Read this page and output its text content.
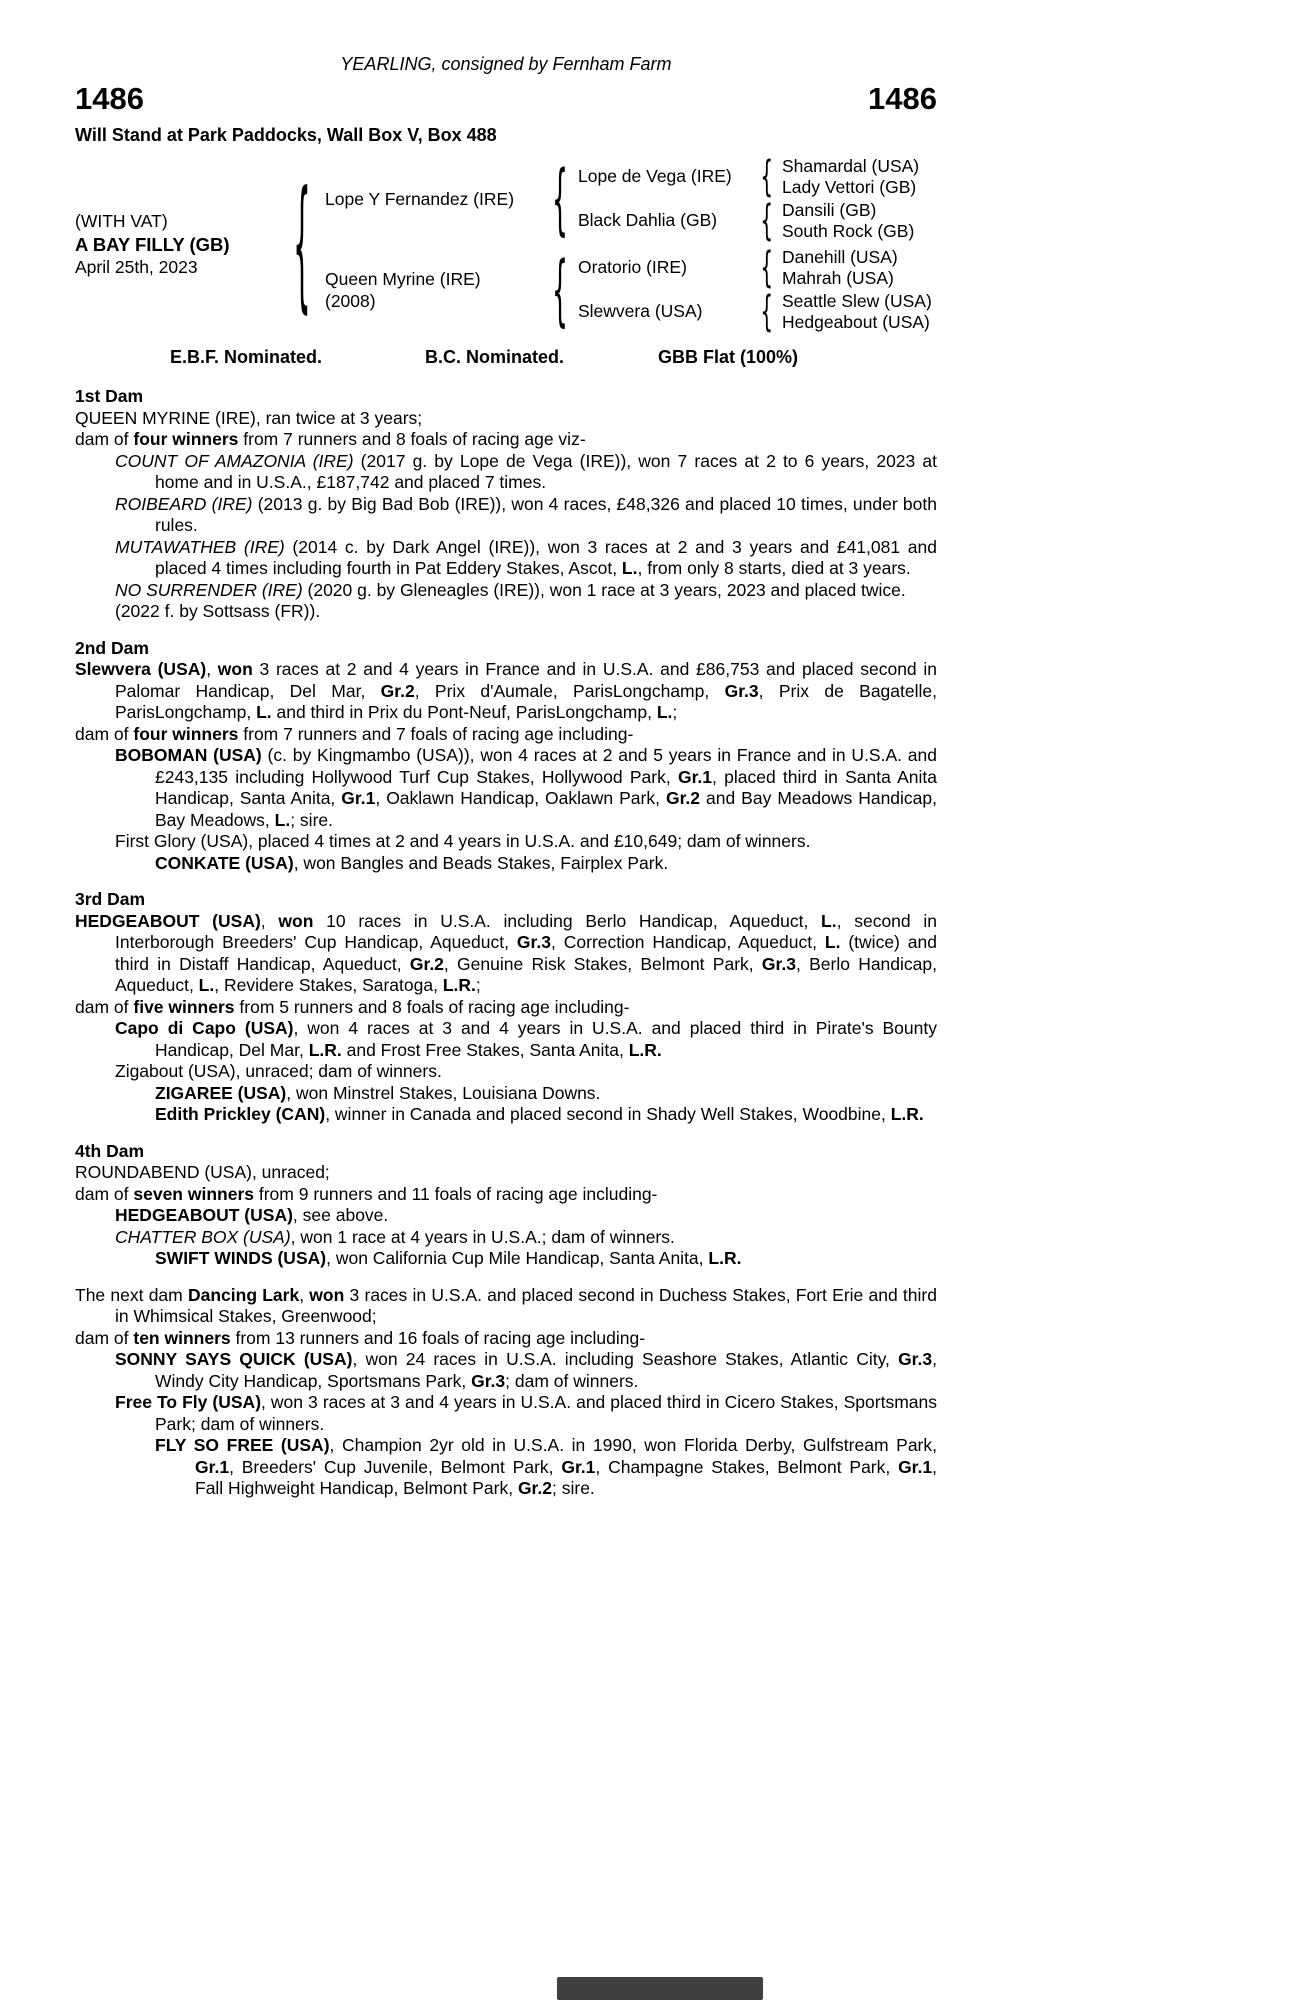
YEARLING, consigned by Fernham Farm
1486	1486
Will Stand at Park Paddocks, Wall Box V, Box 488
(WITH VAT)
A BAY FILLY (GB)
April 25th, 2023
{
Lope Y Fernandez (IRE)
{
Lope de Vega (IRE) {	Shamardal (USA)
Lady Vettori (GB)
Black Dahlia (GB) {	Dansili (GB)
South Rock (GB)
Queen Myrine (IRE)
(2008)
{
Oratorio (IRE) {	Danehill (USA)
Mahrah (USA)
Slewvera (USA) {	Seattle Slew (USA)
Hedgeabout (USA)
E.B.F. Nominated.	B.C. Nominated.	GBB Flat (100%)
1st Dam
QUEEN MYRINE (IRE), ran twice at 3 years;
dam of four winners from 7 runners and 8 foals of racing age viz-
COUNT OF AMAZONIA (IRE) (2017 g. by Lope de Vega (IRE)), won 7 races at 2 to 6 years, 2023 at home and in U.S.A., £187,742 and placed 7 times.
ROIBEARD (IRE) (2013 g. by Big Bad Bob (IRE)), won 4 races, £48,326 and placed 10 times, under both rules.
MUTAWATHEB (IRE) (2014 c. by Dark Angel (IRE)), won 3 races at 2 and 3 years and £41,081 and placed 4 times including fourth in Pat Eddery Stakes, Ascot, L., from only 8 starts, died at 3 years.
NO SURRENDER (IRE) (2020 g. by Gleneagles (IRE)), won 1 race at 3 years, 2023 and placed twice.
(2022 f. by Sottsass (FR)).
2nd Dam
Slewvera (USA), won 3 races at 2 and 4 years in France and in U.S.A. and £86,753 and placed second in Palomar Handicap, Del Mar, Gr.2, Prix d'Aumale, ParisLongchamp, Gr.3, Prix de Bagatelle, ParisLongchamp, L. and third in Prix du Pont-Neuf, ParisLongchamp, L.;
dam of four winners from 7 runners and 7 foals of racing age including-
BOBOMAN (USA) (c. by Kingmambo (USA)), won 4 races at 2 and 5 years in France and in U.S.A. and £243,135 including Hollywood Turf Cup Stakes, Hollywood Park, Gr.1, placed third in Santa Anita Handicap, Santa Anita, Gr.1, Oaklawn Handicap, Oaklawn Park, Gr.2 and Bay Meadows Handicap, Bay Meadows, L.; sire.
First Glory (USA), placed 4 times at 2 and 4 years in U.S.A. and £10,649; dam of winners.
CONKATE (USA), won Bangles and Beads Stakes, Fairplex Park.
3rd Dam
HEDGEABOUT (USA), won 10 races in U.S.A. including Berlo Handicap, Aqueduct, L., second in Interborough Breeders' Cup Handicap, Aqueduct, Gr.3, Correction Handicap, Aqueduct, L. (twice) and third in Distaff Handicap, Aqueduct, Gr.2, Genuine Risk Stakes, Belmont Park, Gr.3, Berlo Handicap, Aqueduct, L., Revidere Stakes, Saratoga, L.R.;
dam of five winners from 5 runners and 8 foals of racing age including-
Capo di Capo (USA), won 4 races at 3 and 4 years in U.S.A. and placed third in Pirate's Bounty Handicap, Del Mar, L.R. and Frost Free Stakes, Santa Anita, L.R.
Zigabout (USA), unraced; dam of winners.
ZIGAREE (USA), won Minstrel Stakes, Louisiana Downs.
Edith Prickley (CAN), winner in Canada and placed second in Shady Well Stakes, Woodbine, L.R.
4th Dam
ROUNDABEND (USA), unraced;
dam of seven winners from 9 runners and 11 foals of racing age including-
HEDGEABOUT (USA), see above.
CHATTER BOX (USA), won 1 race at 4 years in U.S.A.; dam of winners.
SWIFT WINDS (USA), won California Cup Mile Handicap, Santa Anita, L.R.
The next dam Dancing Lark, won 3 races in U.S.A. and placed second in Duchess Stakes, Fort Erie and third in Whimsical Stakes, Greenwood;
dam of ten winners from 13 runners and 16 foals of racing age including-
SONNY SAYS QUICK (USA), won 24 races in U.S.A. including Seashore Stakes, Atlantic City, Gr.3, Windy City Handicap, Sportsmans Park, Gr.3; dam of winners.
Free To Fly (USA), won 3 races at 3 and 4 years in U.S.A. and placed third in Cicero Stakes, Sportsmans Park; dam of winners.
FLY SO FREE (USA), Champion 2yr old in U.S.A. in 1990, won Florida Derby, Gulfstream Park, Gr.1, Breeders' Cup Juvenile, Belmont Park, Gr.1, Champagne Stakes, Belmont Park, Gr.1, Fall Highweight Handicap, Belmont Park, Gr.2; sire.
